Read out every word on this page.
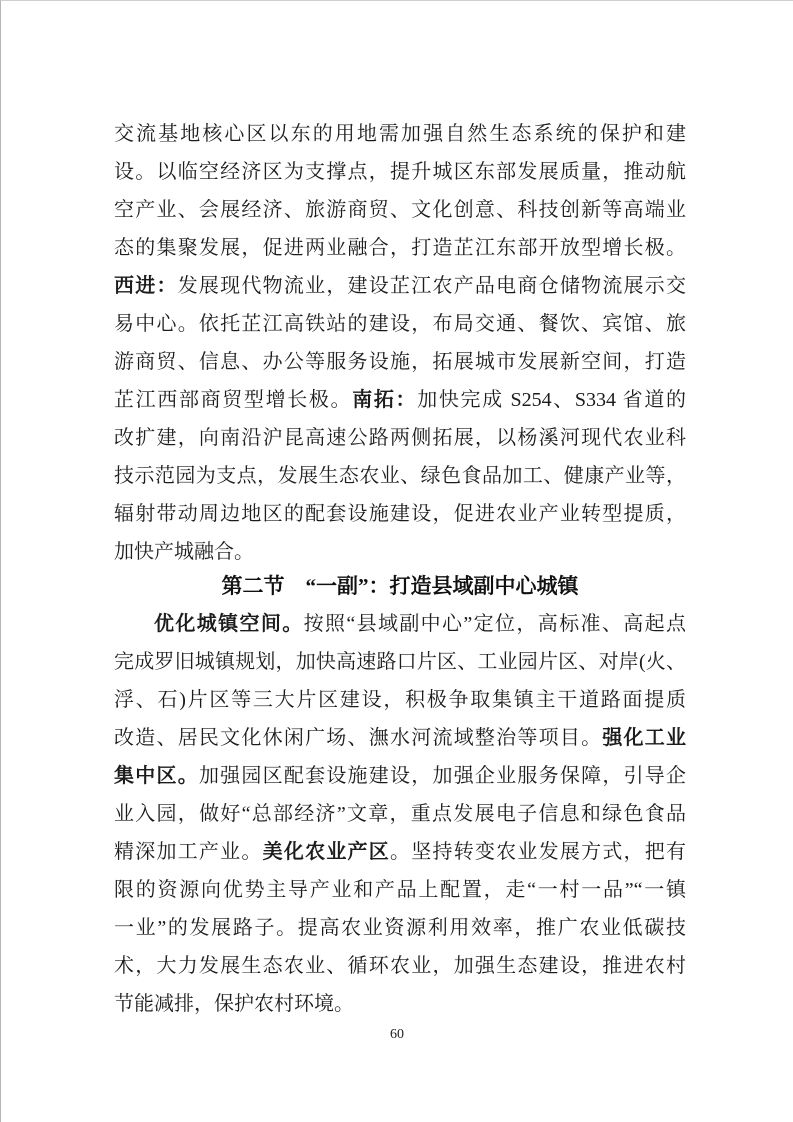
交流基地核心区以东的用地需加强自然生态系统的保护和建
设。以临空经济区为支撑点，提升城区东部发展质量，推动航
空产业、会展经济、旅游商贸、文化创意、科技创新等高端业
态的集聚发展，促进两业融合，打造芷江东部开放型增长极。
西进：发展现代物流业，建设芷江农产品电商仓储物流展示交
易中心。依托芷江高铁站的建设，布局交通、餐饮、宾馆、旅
游商贸、信息、办公等服务设施，拓展城市发展新空间，打造
芷江西部商贸型增长极。南拓：加快完成 S254、S334 省道的
改扩建，向南沿沪昆高速公路两侧拓展，以杨溪河现代农业科
技示范园为支点，发展生态农业、绿色食品加工、健康产业等，
辐射带动周边地区的配套设施建设，促进农业产业转型提质，
加快产城融合。
第二节　“一副”：打造县域副中心城镇
优化城镇空间。按照“县域副中心”定位，高标准、高起点
完成罗旧城镇规划，加快高速路口片区、工业园片区、对岸(火、
浮、石)片区等三大片区建设，积极争取集镇主干道路面提质
改造、居民文化休闲广场、潕水河流域整治等项目。强化工业
集中区。加强园区配套设施建设，加强企业服务保障，引导企
业入园，做好“总部经济”文章，重点发展电子信息和绿色食品
精深加工产业。美化农业产区。坚持转变农业发展方式，把有
限的资源向优势主导产业和产品上配置，走“一村一品”“一镇
一业”的发展路子。提高农业资源利用效率，推广农业低碳技
术，大力发展生态农业、循环农业，加强生态建设，推进农村
节能减排，保护农村环境。
60
